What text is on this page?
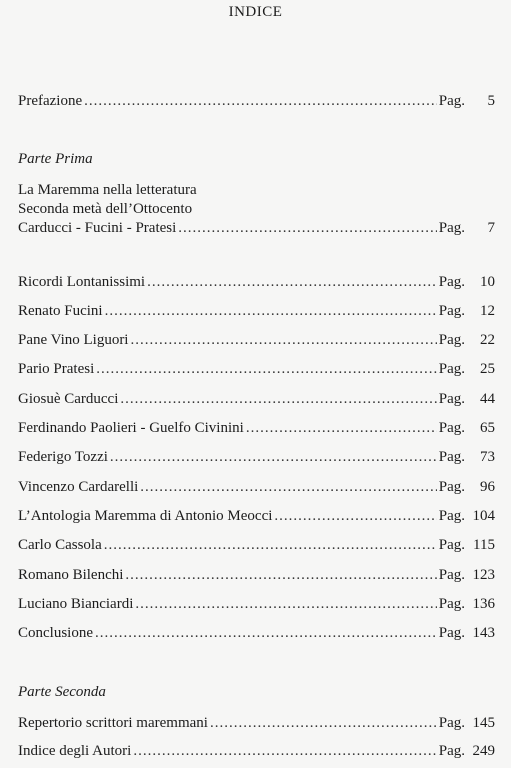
INDICE
Prefazione .....	Pag.	5
Parte Prima
La Maremma nella letteratura
Seconda metà dell’Ottocento
Carducci - Fucini - Pratesi .....	Pag.	7
Ricordi Lontanissimi .....	Pag.	10
Renato Fucini .....	Pag.	12
Pane Vino Liguori .....	Pag.	22
Pario Pratesi .....	Pag.	25
Giosuè Carducci .....	Pag.	44
Ferdinando Paolieri - Guelfo Civinini .....	Pag.	65
Federigo Tozzi .....	Pag.	73
Vincenzo Cardarelli .....	Pag.	96
L’Antologia Maremma di Antonio Meocci .....	Pag. 104
Carlo Cassola .....	Pag. 115
Romano Bilenchi .....	Pag. 123
Luciano Bianciardi .....	Pag. 136
Conclusione .....	Pag. 143
Parte Seconda
Repertorio scrittori maremmani .....	Pag. 145
Indice degli Autori .....	Pag. 249
